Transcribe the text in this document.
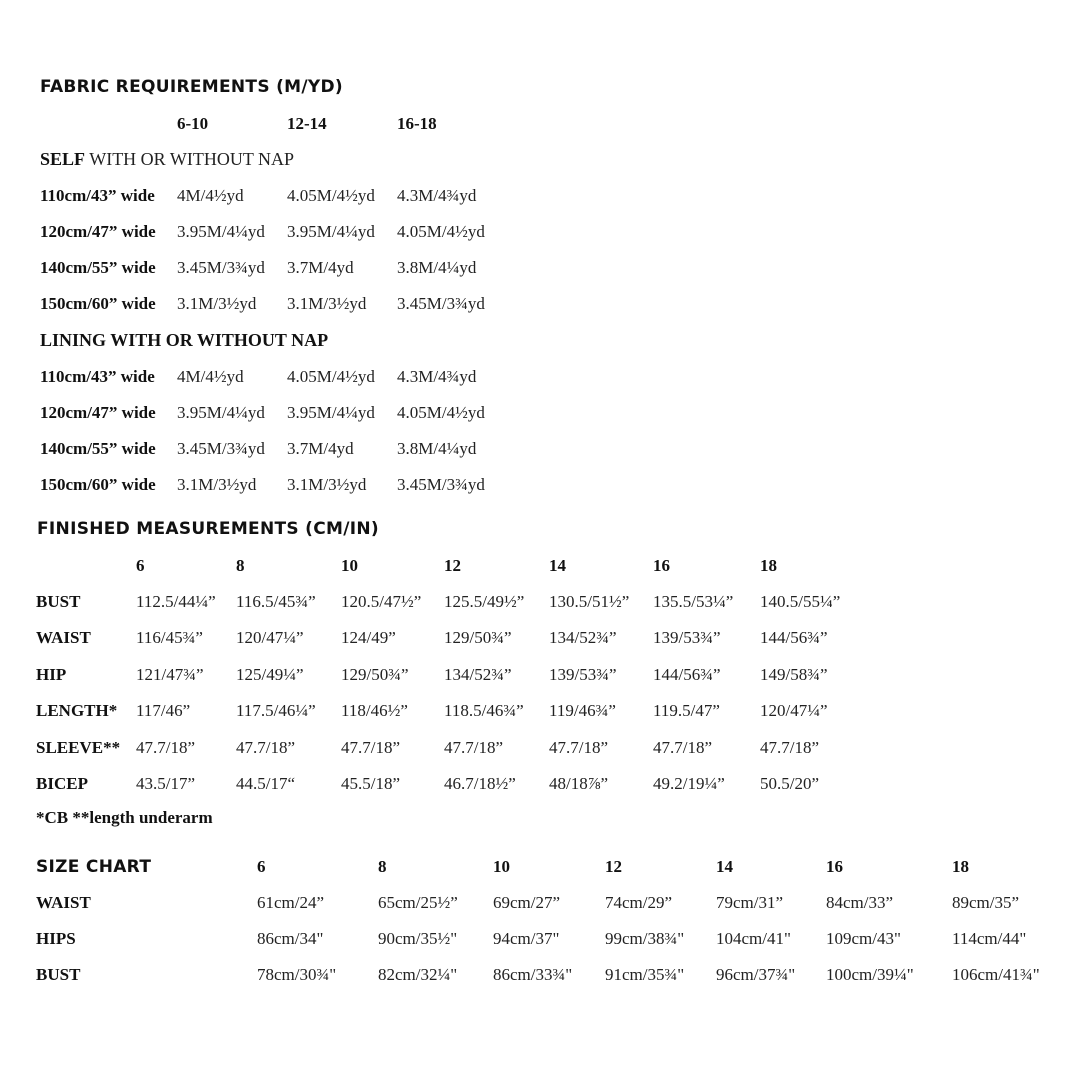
FABRIC REQUIREMENTS (M/YD)
6-10	12-14	16-18
SELF WITH OR WITHOUT NAP
110cm/43” wide 4M/4½yd	4.05M/4½yd 4.3M/4¾yd
120cm/47” wide 3.95M/4¼yd 3.95M/4¼yd 4.05M/4½yd
140cm/55” wide 3.45M/3¾yd 3.7M/4yd	3.8M/4¼yd
150cm/60” wide 3.1M/3½yd 3.1M/3½yd 3.45M/3¾yd
LINING WITH OR WITHOUT NAP
110cm/43” wide 4M/4½yd	4.05M/4½yd 4.3M/4¾yd
120cm/47” wide 3.95M/4¼yd 3.95M/4¼yd 4.05M/4½yd
140cm/55” wide 3.45M/3¾yd 3.7M/4yd	3.8M/4¼yd
150cm/60” wide 3.1M/3½yd 3.1M/3½yd 3.45M/3¾yd
FINISHED MEASUREMENTS (CM/IN)
6	8	10	12	14	16	18
BUST	112.5/44¼” 116.5/45¾” 120.5/47½” 125.5/49½” 130.5/51½” 135.5/53¼” 140.5/55¼”
WAIST	116/45¾” 120/47¼” 124/49”	129/50¾” 134/52¾” 139/53¾” 144/56¾”
HIP	121/47¾” 125/49¼” 129/50¾” 134/52¾” 139/53¾” 144/56¾” 149/58¾”
LENGTH* 117/46”	117.5/46¼” 118/46½” 118.5/46¾” 119/46¾” 119.5/47” 120/47¼”
SLEEVE** 47.7/18” 47.7/18”	47.7/18”	47.7/18”	47.7/18”	47.7/18”	47.7/18”
BICEP	43.5/17” 44.5/17“	45.5/18”	46.7/18½” 48/18⅞”	49.2/19¼” 50.5/20”
*CB **length underarm
SIZE CHART	6	8	10	12	14	16	18
WAIST	61cm/24”	65cm/25½” 69cm/27”	74cm/29”	79cm/31”	84cm/33”	89cm/35”
HIPS	86cm/34"	90cm/35½" 94cm/37"	99cm/38¾" 104cm/41" 109cm/43"	114cm/44"
BUST	78cm/30¾" 82cm/32¼" 86cm/33¾" 91cm/35¾" 96cm/37¾" 100cm/39¼" 106cm/41¾"
